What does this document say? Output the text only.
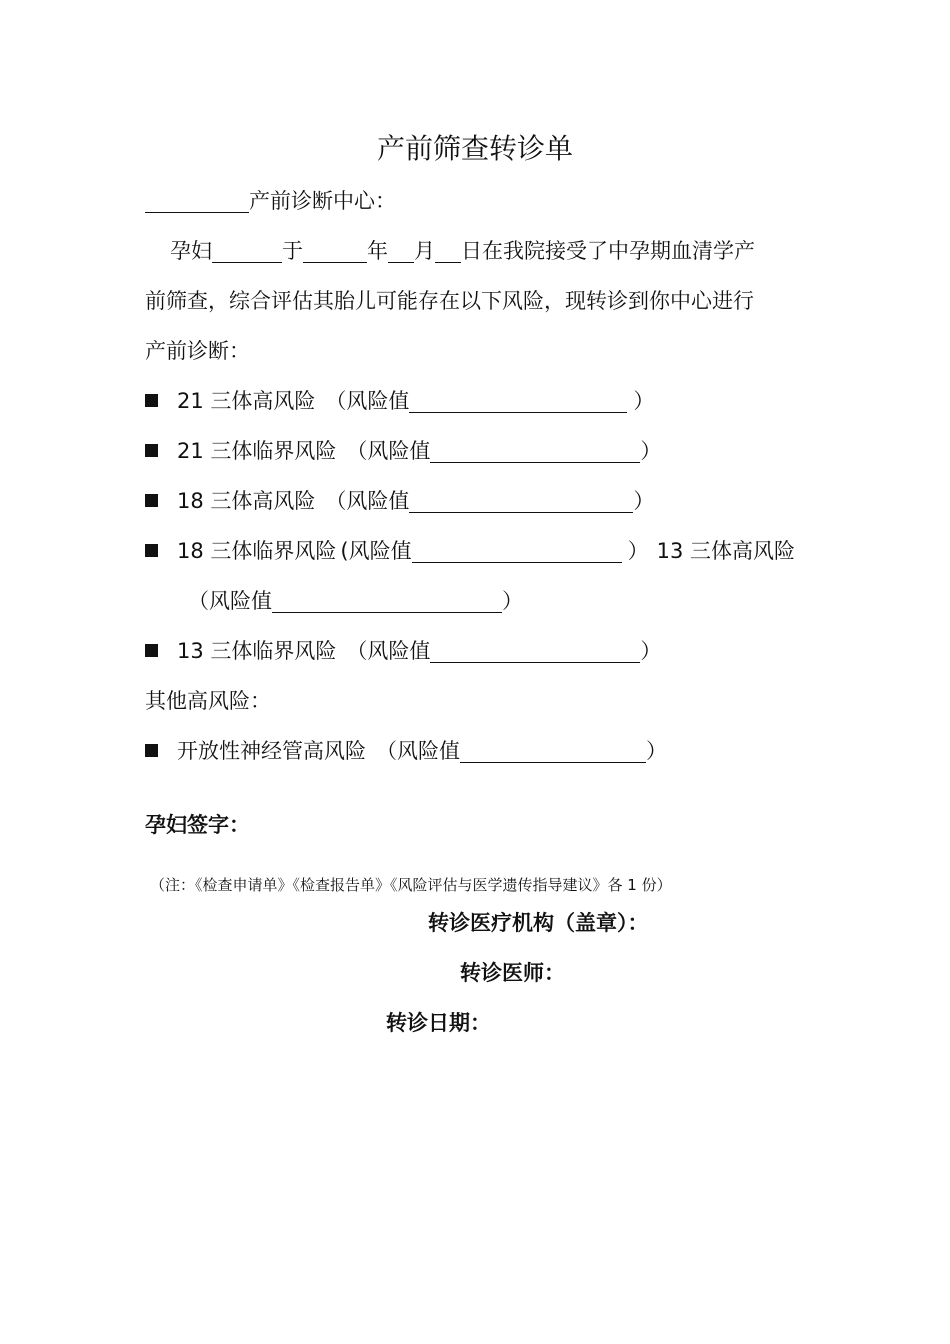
产前筛查转诊单
产前诊断中心：
孕妇	于	年 月 日在我院接受了中孕期血清学产
前筛查，综合评估其胎儿可能存在以下风险，现转诊到你中心进行
产前诊断：
21 三体高风险 （风险值	）
21 三体临界风险 （风险值	）
18 三体高风险 （风险值	）
18 三体临界风险 (风险值	） 13 三体高风险
（风险值	）
13 三体临界风险 （风险值	）
其他高风险：
开放性神经管高风险 （风险值	）
孕妇签字：
（注：《检查申请单》《检查报告单》《风险评估与医学遗传指导建议》各 1 份）
转诊医疗机构（盖章）：
转诊医师：
转诊日期：
